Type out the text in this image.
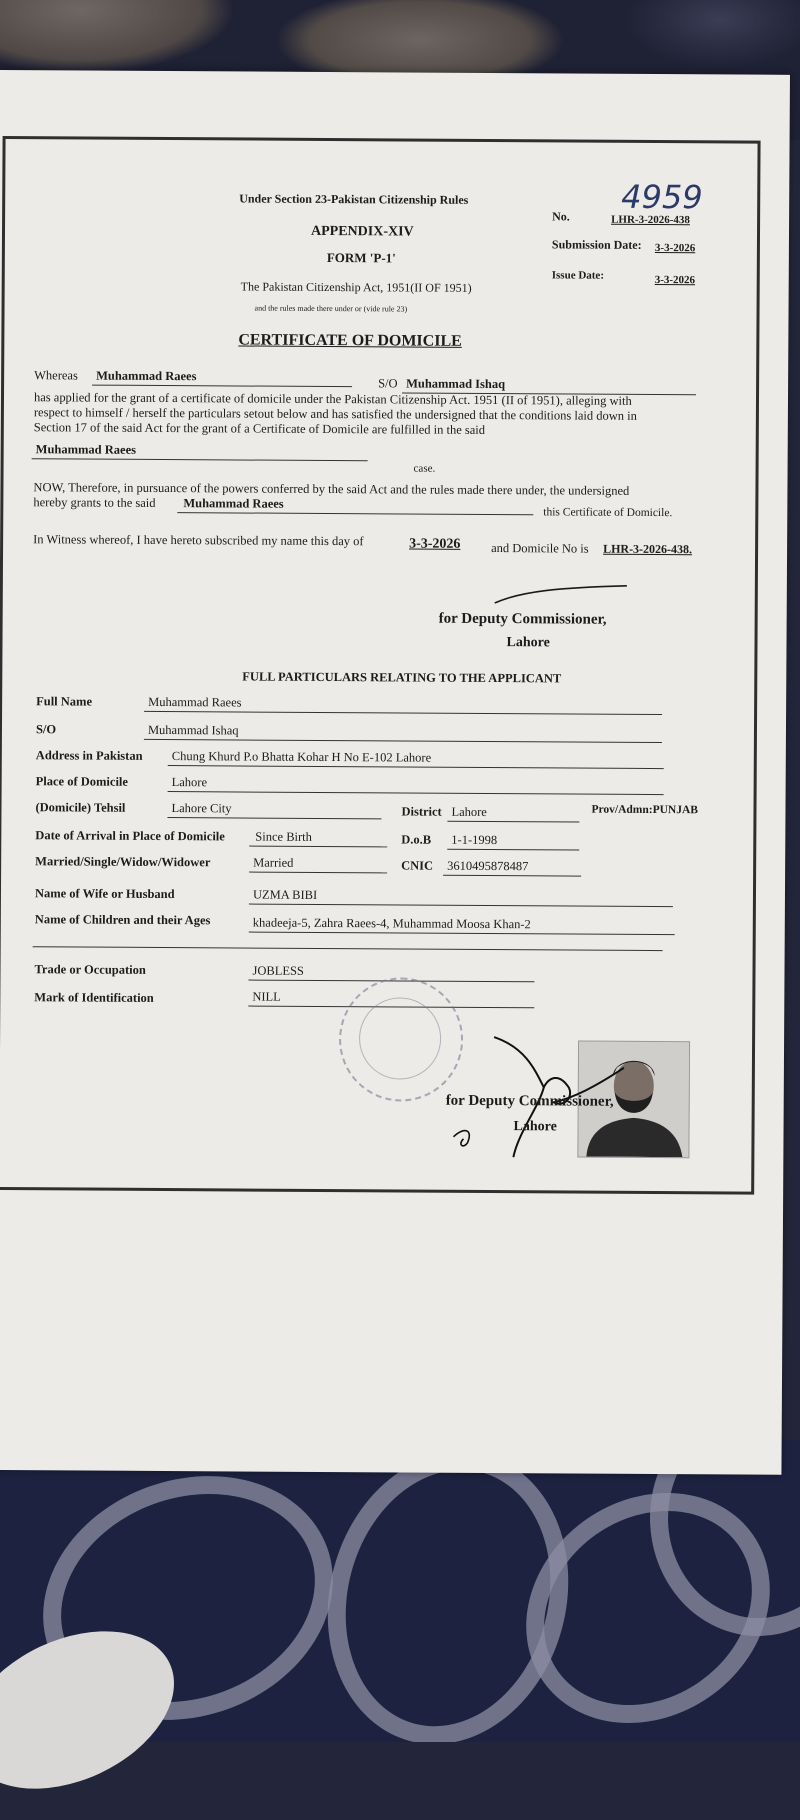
Under Section 23-Pakistan Citizenship Rules
APPENDIX-XIV
FORM 'P-1'
The Pakistan Citizenship Act, 1951(II OF 1951)
and the rules made there under or (vide rule 23)
CERTIFICATE OF DOMICILE
No.	LHR-3-2026-438
4959
Submission Date: 3-3-2026
Issue Date:	3-3-2026
Whereas Muhammad Raees
S/O Muhammad Ishaq
has applied for the grant of a certificate of domicile under the Pakistan Citizenship Act. 1951 (II of 1951), alleging with
respect to himself / herself the particulars setout below and has satisfied the undersigned that the conditions laid down in
Section 17 of the said Act for the grant of a Certificate of Domicile are fulfilled in the said
Muhammad Raees
case.
NOW, Therefore, in pursuance of the powers conferred by the said Act and the rules made there under, the undersigned
hereby grants to the said Muhammad Raees
this Certificate of Domicile.
In Witness whereof, I have hereto subscribed my name this day of	3-3-2026 and Domicile No is LHR-3-2026-438.
for Deputy Commissioner,
Lahore
FULL PARTICULARS RELATING TO THE APPLICANT
Full Name	Muhammad Raees
S/O	Muhammad Ishaq
Address in Pakistan Chung Khurd P.o Bhatta Kohar H No E-102 Lahore
Place of Domicile	Lahore
(Domicile) Tehsil	Lahore City	District Lahore	Prov/Admn:PUNJAB
Date of Arrival in Place of Domicile Since Birth	D.o.B 1-1-1998
Married/Single/Widow/Widower	Married	CNIC 3610495878487
Name of Wife or Husband	UZMA BIBI
Name of Children and their Ages	khadeeja-5, Zahra Raees-4, Muhammad Moosa Khan-2
Trade or Occupation	JOBLESS
Mark of Identification	NILL
for Deputy Commissioner,
Lahore
